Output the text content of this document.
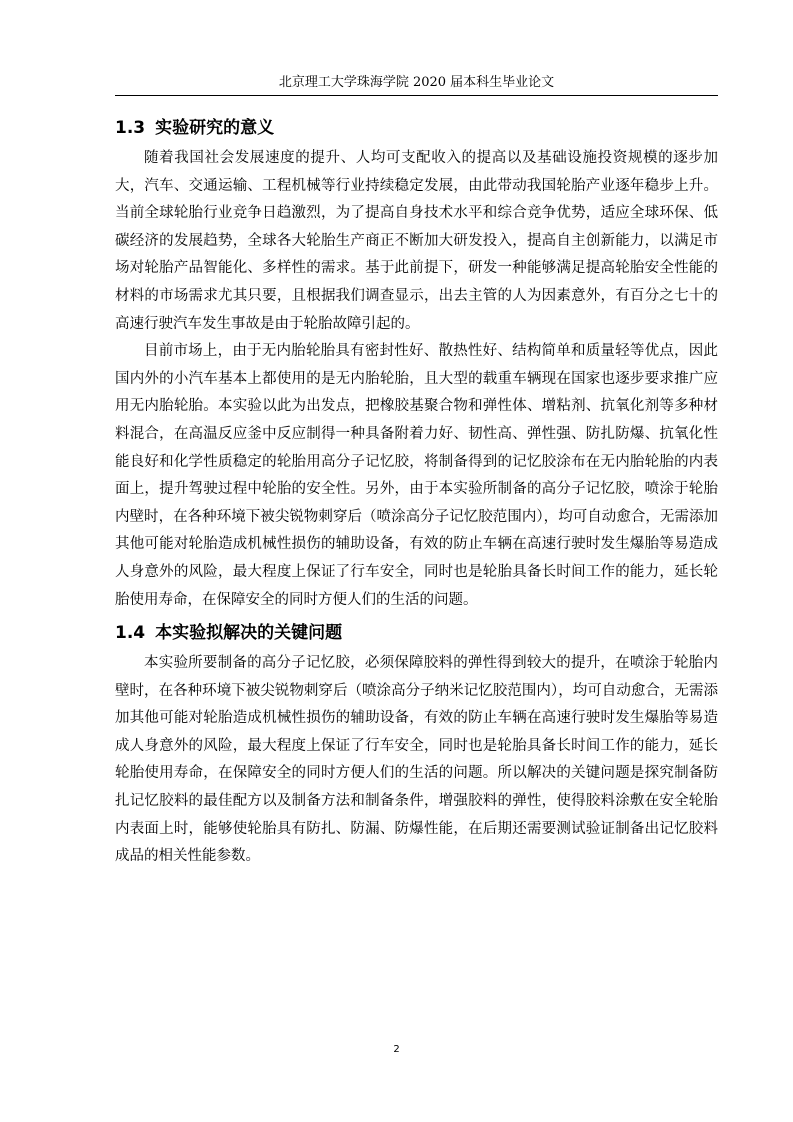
北京理工大学珠海学院 2020 届本科生毕业论文
1.3 实验研究的意义

随着我国社会发展速度的提升、人均可支配收入的提高以及基础设施投资规模的逐步加大，汽车、交通运输、工程机械等行业持续稳定发展，由此带动我国轮胎产业逐年稳步上升。当前全球轮胎行业竞争日趋激烈，为了提高自身技术水平和综合竞争优势，适应全球环保、低碳经济的发展趋势，全球各大轮胎生产商正不断加大研发投入，提高自主创新能力，以满足市场对轮胎产品智能化、多样性的需求。基于此前提下，研发一种能够满足提高轮胎安全性能的材料的市场需求尤其只要，且根据我们调查显示，出去主管的人为因素意外，有百分之七十的高速行驶汽车发生事故是由于轮胎故障引起的。

目前市场上，由于无内胎轮胎具有密封性好、散热性好、结构简单和质量轻等优点，因此国内外的小汽车基本上都使用的是无内胎轮胎，且大型的载重车辆现在国家也逐步要求推广应用无内胎轮胎。本实验以此为出发点，把橡胶基聚合物和弹性体、增粘剂、抗氧化剂等多种材料混合，在高温反应釜中反应制得一种具备附着力好、韧性高、弹性强、防扎防爆、抗氧化性能良好和化学性质稳定的轮胎用高分子记忆胶，将制备得到的记忆胶涂布在无内胎轮胎的内表面上，提升驾驶过程中轮胎的安全性。另外，由于本实验所制备的高分子记忆胶，喷涂于轮胎内壁时，在各种环境下被尖锐物刺穿后（喷涂高分子记忆胶范围内），均可自动愈合，无需添加其他可能对轮胎造成机械性损伤的辅助设备，有效的防止车辆在高速行驶时发生爆胎等易造成人身意外的风险，最大程度上保证了行车安全，同时也是轮胎具备长时间工作的能力，延长轮胎使用寿命，在保障安全的同时方便人们的生活的问题。

1.4 本实验拟解决的关键问题

本实验所要制备的高分子记忆胶，必须保障胶料的弹性得到较大的提升，在喷涂于轮胎内壁时，在各种环境下被尖锐物刺穿后（喷涂高分子纳米记忆胶范围内），均可自动愈合，无需添加其他可能对轮胎造成机械性损伤的辅助设备，有效的防止车辆在高速行驶时发生爆胎等易造成人身意外的风险，最大程度上保证了行车安全，同时也是轮胎具备长时间工作的能力，延长轮胎使用寿命，在保障安全的同时方便人们的生活的问题。所以解决的关键问题是探究制备防扎记忆胶料的最佳配方以及制备方法和制备条件，增强胶料的弹性，使得胶料涂敷在安全轮胎内表面上时，能够使轮胎具有防扎、防漏、防爆性能，在后期还需要测试验证制备出记忆胶料成品的相关性能参数。

2
